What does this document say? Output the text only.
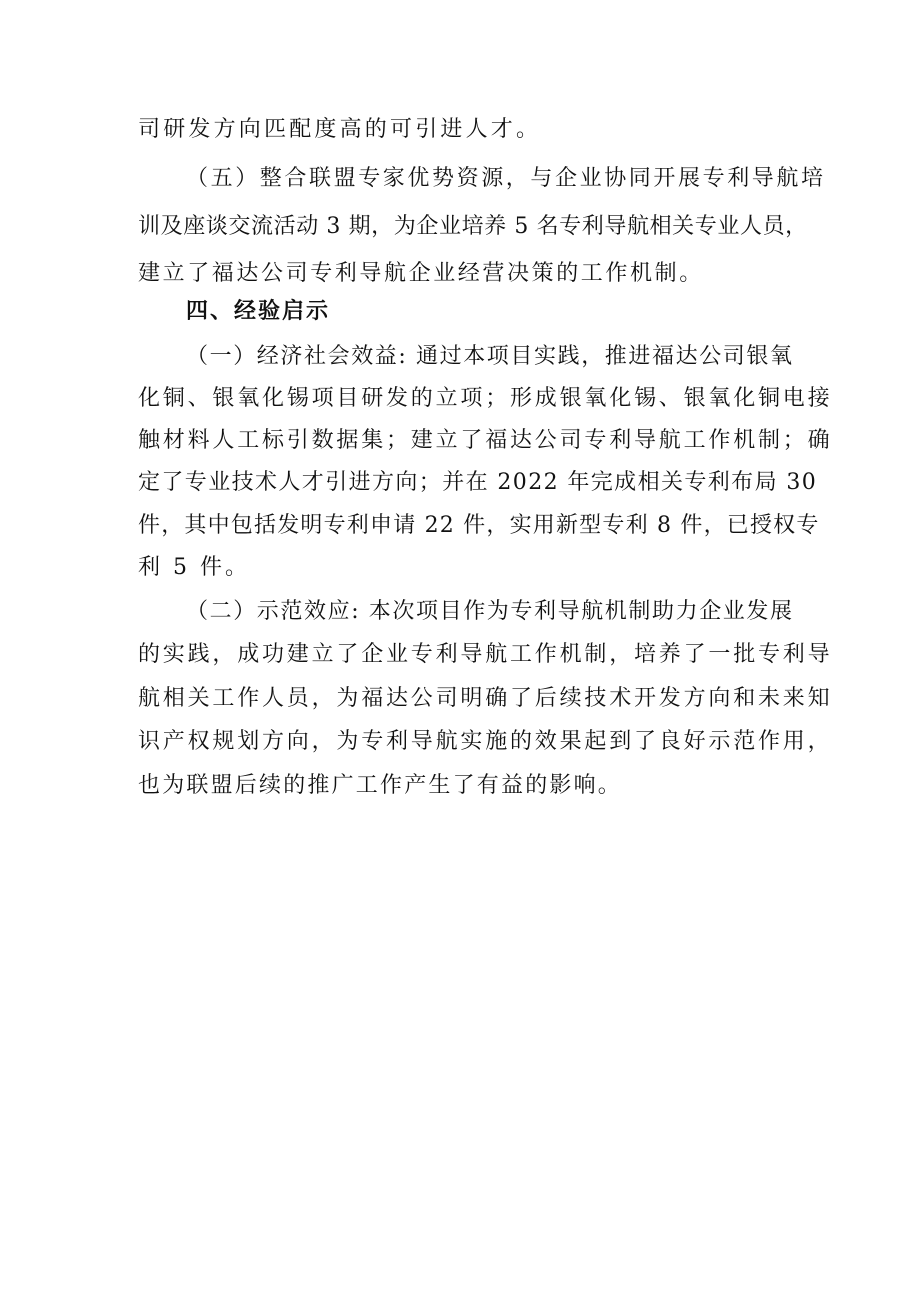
司研发方向匹配度高的可引进人才。
（五）整合联盟专家优势资源，与企业协同开展专利导航培
训及座谈交流活动 3 期，为企业培养 5 名专利导航相关专业人员，
建立了福达公司专利导航企业经营决策的工作机制。
四、经验启示
（一）经济社会效益: 通过本项目实践，推进福达公司银氧
化铜、银氧化锡项目研发的立项；形成银氧化锡、银氧化铜电接
触材料人工标引数据集；建立了福达公司专利导航工作机制；确
定了专业技术人才引进方向；并在 2022 年完成相关专利布局 30
件，其中包括发明专利申请 22 件，实用新型专利 8 件，已授权专
利 5 件。
（二）示范效应: 本次项目作为专利导航机制助力企业发展
的实践，成功建立了企业专利导航工作机制，培养了一批专利导
航相关工作人员，为福达公司明确了后续技术开发方向和未来知
识产权规划方向，为专利导航实施的效果起到了良好示范作用，
也为联盟后续的推广工作产生了有益的影响。
